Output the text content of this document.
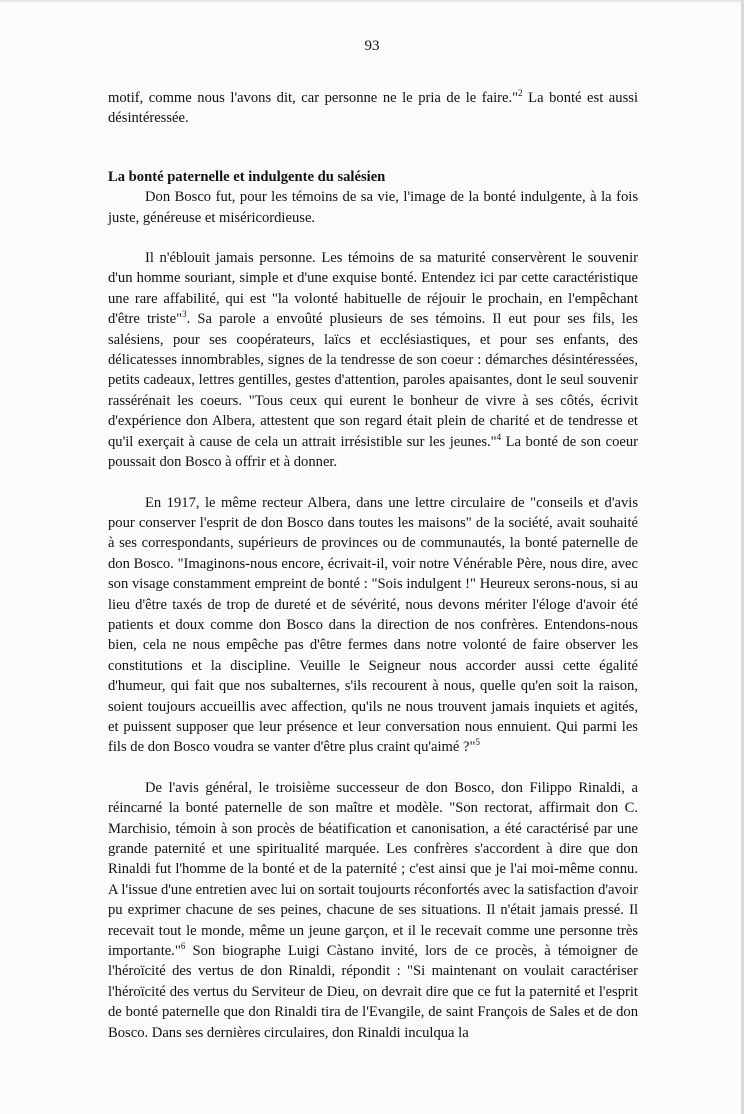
93

motif, comme nous l'avons dit, car personne ne le pria de le faire."$^2$ La bonté est aussi désintéressée.

La bonté paternelle et indulgente du salésien

Don Bosco fut, pour les témoins de sa vie, l'image de la bonté indulgente, à la fois juste, généreuse et miséricordieuse.

Il n'éblouit jamais personne. Les témoins de sa maturité conservèrent le souvenir d'un homme souriant, simple et d'une exquise bonté. Entendez ici par cette caractéristique une rare affabilité, qui est "la volonté habituelle de réjouir le prochain, en l'empêchant d'être triste"$^3$. Sa parole a envoûté plusieurs de ses témoins. Il eut pour ses fils, les salésiens, pour ses coopérateurs, laïcs et ecclésiastiques, et pour ses enfants, des délicatesses innombrables, signes de la tendresse de son coeur : démarches désintéressées, petits cadeaux, lettres gentilles, gestes d'attention, paroles apaisantes, dont le seul souvenir rassérénait les coeurs. "Tous ceux qui eurent le bonheur de vivre à ses côtés, écrivit d'expérience don Albera, attestent que son regard était plein de charité et de tendresse et qu'il exerçait à cause de cela un attrait irrésistible sur les jeunes."$^4$ La bonté de son coeur poussait don Bosco à offrir et à donner.

En 1917, le même recteur Albera, dans une lettre circulaire de "conseils et d'avis pour conserver l'esprit de don Bosco dans toutes les maisons" de la société, avait souhaité à ses correspondants, supérieurs de provinces ou de communautés, la bonté paternelle de don Bosco. "Imaginons-nous encore, écrivait-il, voir notre Vénérable Père, nous dire, avec son visage constamment empreint de bonté : "Sois indulgent !" Heureux serons-nous, si au lieu d'être taxés de trop de dureté et de sévérité, nous devons mériter l'éloge d'avoir été patients et doux comme don Bosco dans la direction de nos confrères. Entendons-nous bien, cela ne nous empêche pas d'être fermes dans notre volonté de faire observer les constitutions et la discipline. Veuille le Seigneur nous accorder aussi cette égalité d'humeur, qui fait que nos subalternes, s'ils recourent à nous, quelle qu'en soit la raison, soient toujours accueillis avec affection, qu'ils ne nous trouvent jamais inquiets et agités, et puissent supposer que leur présence et leur conversation nous ennuient. Qui parmi les fils de don Bosco voudra se vanter d'être plus craint qu'aimé ?"$^5$

De l'avis général, le troisième successeur de don Bosco, don Filippo Rinaldi, a réincarné la bonté paternelle de son maître et modèle. "Son rectorat, affirmait don C. Marchisio, témoin à son procès de béatification et canonisation, a été caractérisé par une grande paternité et une spiritualité marquée. Les confrères s'accordent à dire que don Rinaldi fut l'homme de la bonté et de la paternité ; c'est ainsi que je l'ai moi-même connu. A l'issue d'une entretien avec lui on sortait toujourts réconfortés avec la satisfaction d'avoir pu exprimer chacune de ses peines, chacune de ses situations. Il n'était jamais pressé. Il recevait tout le monde, même un jeune garçon, et il le recevait comme une personne très importante."$^6$ Son biographe Luigi Càstano invité, lors de ce procès, à témoigner de l'héroïcité des vertus de don Rinaldi, répondit : "Si maintenant on voulait caractériser l'héroïcité des vertus du Serviteur de Dieu, on devrait dire que ce fut la paternité et l'esprit de bonté paternelle que don Rinaldi tira de l'Evangile, de saint François de Sales et de don Bosco. Dans ses dernières circulaires, don Rinaldi inculqua la
